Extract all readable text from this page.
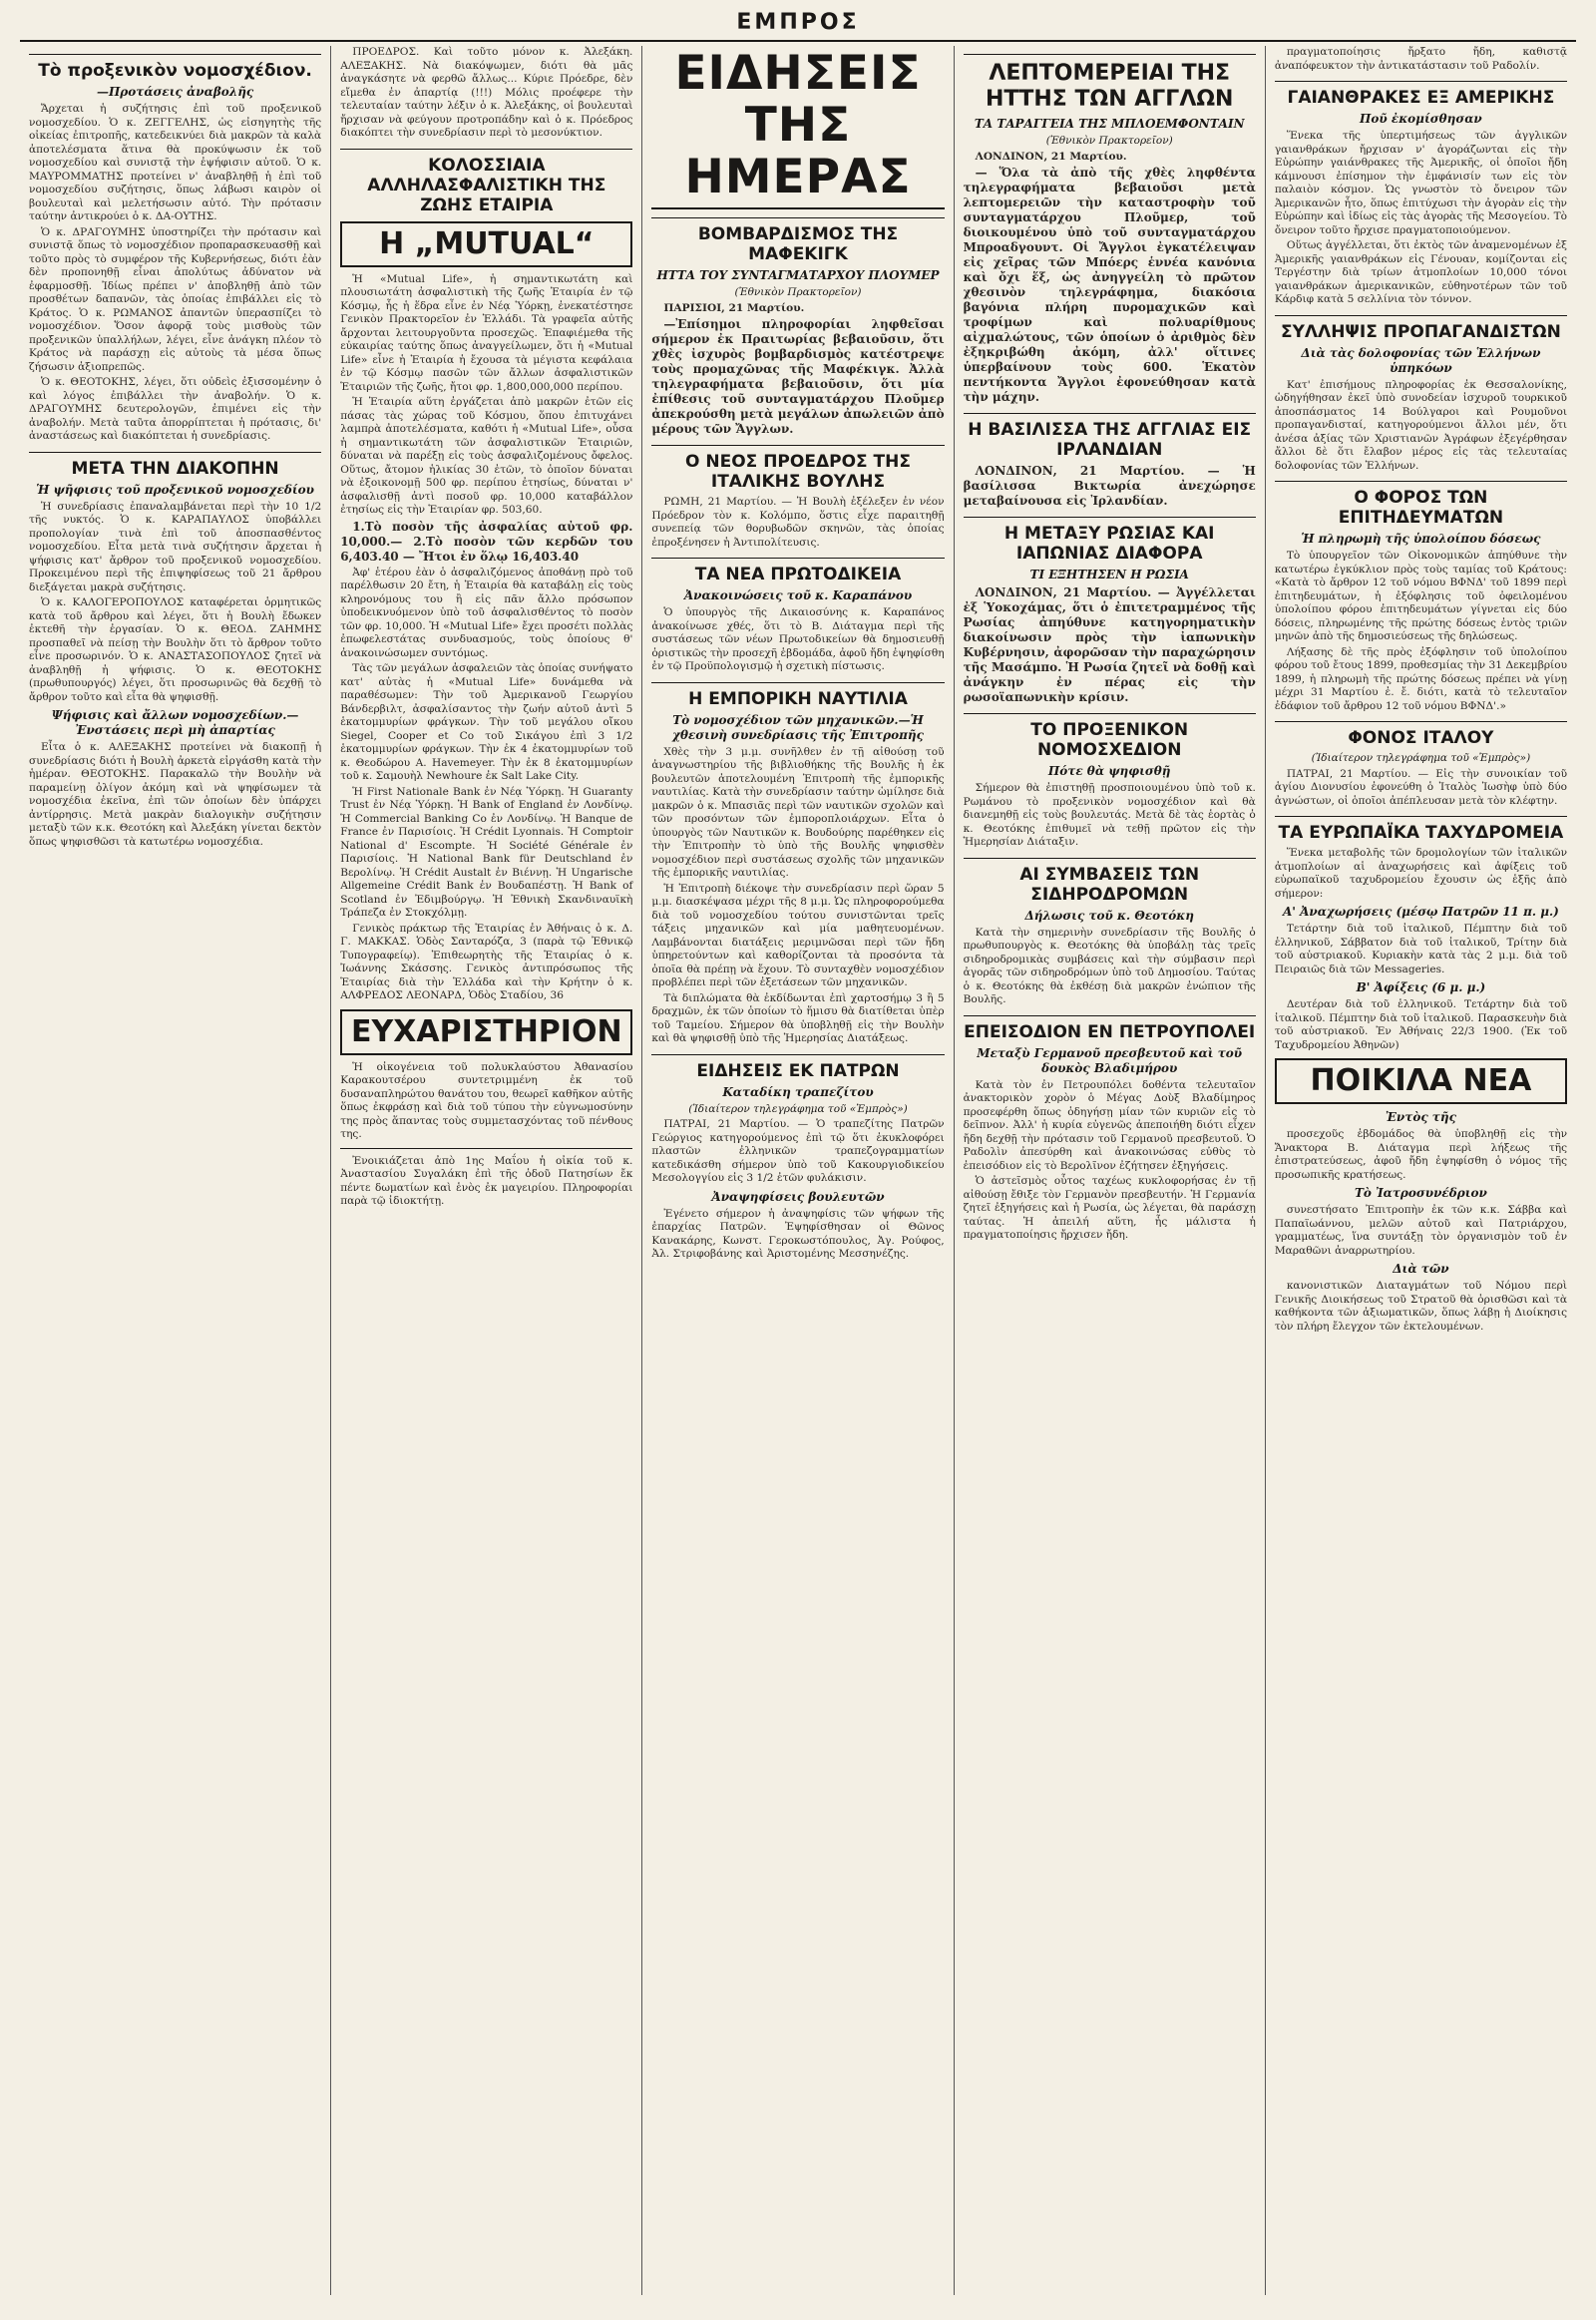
ΕΜΠΡΟΣ
Τὸ προξενικὸν νομοσχέδιον.
—Προτάσεις ἀναβολῆς

Ἄρχεται ἡ συζήτησις ἐπὶ τοῦ προξενικοῦ νομοσχεδίου. Ὁ κ. ΖΕΓΓΕΛΗΣ, ὡς εἰσηγητὴς τῆς οἰκείας ἐπιτροπῆς, κατεδεικνύει διὰ μακρῶν τὰ καλὰ ἀποτελέσματα ἅτινα θὰ προκύψωσιν ἐκ τοῦ νομοσχεδίου καὶ συνιστᾷ τὴν ἐψήφισιν αὐτοῦ. Ὁ κ. ΜΑΥΡΟΜΜΑΤΗΣ προτείνει ν' ἀναβληθῇ ἡ ἐπὶ τοῦ νομοσχεδίου συζήτησις, ὅπως λάβωσι καιρὸν οἱ βουλευταὶ καὶ μελετήσωσιν αὐτό. Τὴν πρότασιν ταύτην ἀντικρούει ὁ κ. ΔΑ-ΟΥΤΗΣ.

Ὁ κ. ΔΡΑΓΟΥΜΗΣ ὑποστηρίζει τὴν πρότασιν καὶ συνιστᾷ ὅπως τὸ νομοσχέδιον προπαρασκευασθῇ καὶ τοῦτο πρὸς τὸ συμφέρον τῆς Κυβερνήσεως, διότι ἐὰν δὲν προπονηθῇ εἶναι ἀπολύτως ἀδύνατον νὰ ἐφαρμοσθῇ. Ἰδίως πρέπει ν' ἀποβληθῇ ἀπὸ τῶν προσθέτων δαπανῶν, τὰς ὁποίας ἐπιβάλλει εἰς τὸ Κράτος. Ὁ κ. ΡΩΜΑΝΟΣ ἀπαντῶν ὑπερασπίζει τὸ νομοσχέδιον. Ὅσον ἀφορᾷ τοὺς μισθοὺς τῶν προξενικῶν ὑπαλλήλων, λέγει, εἶνε ἀνάγκη πλέον τὸ Κράτος νὰ παράσχῃ εἰς αὐτοὺς τὰ μέσα ὅπως ζήσωσιν ἀξιοπρεπῶς.

Ὁ κ. ΘΕΟΤΟΚΗΣ, λέγει, ὅτι οὐδεὶς ἐξισσομένην ὁ καὶ λόγος ἐπιβάλλει τὴν ἀναβολήν. Ὁ κ. ΔΡΑΓΟΥΜΗΣ δευτερολογῶν, ἐπιμένει εἰς τὴν ἀναβολήν. Μετὰ ταῦτα ἀπορρίπτεται ἡ πρότασις, δι' ἀναστάσεως καὶ διακόπτεται ἡ συνεδρίασις.

ΜΕΤΑ ΤΗΝ ΔΙΑΚΟΠΗΝ
Ἡ ψῆφισις τοῦ προξενικοῦ νομοσχεδίου

Ἡ συνεδρίασις ἐπαναλαμβάνεται περὶ τὴν 10 1/2 τῆς νυκτός. Ὁ κ. ΚΑΡΑΠΑΥΛΟΣ ὑποβάλλει προπολογίαν τινὰ ἐπὶ τοῦ ἀποσπασθέντος νομοσχεδίου. Εἶτα μετὰ τινὰ συζήτησιν ἄρχεται ἡ ψήφισις κατ' ἄρθρον τοῦ προξενικοῦ νομοσχεδίου. Προκειμένου περὶ τῆς ἐπιψηφίσεως τοῦ 21 ἄρθρου διεξάγεται μακρὰ συζήτησις.

Ὁ κ. ΚΑΛΟΓΕΡΟΠΟΥΛΟΣ καταφέρεται ὁρμητικῶς κατὰ τοῦ ἄρθρου καὶ λέγει, ὅτι ἡ Βουλὴ ἔδωκεν ἐκτεθῆ τὴν ἐργασίαν. Ὁ κ. ΘΕΟΔ. ΖΑΗΜΗΣ προσπαθεῖ νὰ πείσῃ τὴν Βουλὴν ὅτι τὸ ἄρθρον τοῦτο εἶνε προσωρινόν. Ὁ κ. ΑΝΑΣΤΑΣΟΠΟΥΛΟΣ ζητεῖ νὰ ἀναβληθῇ ἡ ψήφισις. Ὁ κ. ΘΕΟΤΟΚΗΣ (πρωθυπουργός) λέγει, ὅτι προσωρινῶς θὰ δεχθῇ τὸ ἄρθρον τοῦτο καὶ εἶτα θὰ ψηφισθῇ.

Ψήφισις καὶ ἄλλων νομοσχεδίων.—Ἐνστάσεις περὶ μὴ ἀπαρτίας

Εἶτα ὁ κ. ΑΛΕΞΑΚΗΣ προτείνει νὰ διακοπῇ ἡ συνεδρίασις διότι ἡ Βουλὴ ἀρκετὰ εἰργάσθη κατὰ τὴν ἡμέραν. ΘΕΟΤΟΚΗΣ. Παρακαλῶ τὴν Βουλὴν νὰ παραμείνῃ ὀλίγον ἀκόμη καὶ νὰ ψηφίσωμεν τὰ νομοσχέδια ἐκεῖνα, ἐπὶ τῶν ὁποίων δὲν ὑπάρχει ἀντίρρησις. Μετὰ μακρὰν διαλογικὴν συζήτησιν μεταξὺ τῶν κ.κ. Θεοτόκη καὶ Ἀλεξάκη γίνεται δεκτὸν ὅπως ψηφισθῶσι τὰ κατωτέρω νομοσχέδια.

ΠΡΟΕΔΡΟΣ. Καὶ τοῦτο μόνον κ. Ἀλεξάκη. ΑΛΕΞΑΚΗΣ. Νὰ διακόψωμεν, διότι θὰ μᾶς ἀναγκάσητε νὰ φερθῶ ἄλλως... Κύριε Πρόεδρε, δὲν εἴμεθα ἐν ἀπαρτίᾳ (!!!) Μόλις προέφερε τὴν τελευταίαν ταύτην λέξιν ὁ κ. Ἀλεξάκης, οἱ βουλευταὶ ἤρχισαν νὰ φεύγουν προτροπάδην καὶ ὁ κ. Πρόεδρος διακόπτει τὴν συνεδρίασιν περὶ τὸ μεσονύκτιον.

ΚΟΛΟΣΣΙΑΙΑ ΑΛΛΗΛΑΣΦΑΛΙΣΤΙΚΗ ΤΗΣ ΖΩΗΣ ΕΤΑΙΡΙΑ
Η „MUTUAL“

Ἡ «Mutual Life», ἡ σημαντικωτάτη καὶ πλουσιωτάτη ἀσφαλιστικὴ τῆς ζωῆς Ἑταιρία ἐν τῷ Κόσμῳ, ἧς ἡ ἕδρα εἶνε ἐν Νέᾳ Ὑόρκῃ, ἐνεκατέστησε Γενικὸν Πρακτορεῖον ἐν Ἑλλάδι. Τὰ γραφεῖα αὐτῆς ἄρχονται λειτουργοῦντα προσεχῶς. Ἐπαφιέμεθα τῆς εὐκαιρίας ταύτης ὅπως ἀναγγείλωμεν, ὅτι ἡ «Mutual Life» εἶνε ἡ Ἑταιρία ἡ ἔχουσα τὰ μέγιστα κεφάλαια ἐν τῷ Κόσμῳ πασῶν τῶν ἄλλων ἀσφαλιστικῶν Ἑταιριῶν τῆς ζωῆς, ἤτοι φρ. 1,800,000,000 περίπου.

Ἡ Ἑταιρία αὕτη ἐργάζεται ἀπὸ μακρῶν ἐτῶν εἰς πάσας τὰς χώρας τοῦ Κόσμου, ὅπου ἐπιτυχάνει λαμπρὰ ἀποτελέσματα, καθότι ἡ «Mutual Life», οὖσα ἡ σημαντικωτάτη τῶν ἀσφαλιστικῶν Ἑταιριῶν, δύναται νὰ παρέξῃ εἰς τοὺς ἀσφαλιζομένους ὄφελος. Οὕτως, ἄτομον ἡλικίας 30 ἐτῶν, τὸ ὁποῖον δύναται νὰ ἐξοικονομῇ 500 φρ. περίπου ἐτησίως, δύναται ν' ἀσφαλισθῇ ἀντὶ ποσοῦ φρ. 10,000 καταβάλλον ἐτησίως εἰς τὴν Ἑταιρίαν φρ. 503,60.

1.Τὸ ποσὸν τῆς ἀσφαλίας αὐτοῦ φρ. 10,000.— 2.Τὸ ποσὸν τῶν κερδῶν του 6,403.40 — Ἤτοι ἐν ὅλῳ 16,403.40

Ἀφ' ἑτέρου ἐὰν ὁ ἀσφαλιζόμενος ἀποθάνῃ πρὸ τοῦ παρέλθωσιν 20 ἔτη, ἡ Ἑταιρία θὰ καταβάλῃ εἰς τοὺς κληρονόμους του ἢ εἰς πᾶν ἄλλο πρόσωπον ὑποδεικνυόμενον ὑπὸ τοῦ ἀσφαλισθέντος τὸ ποσὸν τῶν φρ. 10,000. Ἡ «Mutual Life» ἔχει προσέτι πολλὰς ἐπωφελεστάτας συνδυασμούς, τοὺς ὁποίους θ' ἀνακοινώσωμεν συντόμως.

Τὰς τῶν μεγάλων ἀσφαλειῶν τὰς ὁποίας συνήψατο κατ' αὐτὰς ἡ «Mutual Life» δυνάμεθα νὰ παραθέσωμεν: Τὴν τοῦ Ἀμερικανοῦ Γεωργίου Βάνδερβιλτ, ἀσφαλίσαντος τὴν ζωήν αὐτοῦ ἀντὶ 5 ἑκατομμυρίων φράγκων. Τὴν τοῦ μεγάλου οἴκου Siegel, Cooper et Co τοῦ Σικάγου ἐπὶ 3 1/2 ἑκατομμυρίων φράγκων. Τὴν ἐκ 4 ἑκατομμυρίων τοῦ κ. Θεοδώρου A. Havemeyer. Τὴν ἐκ 8 ἑκατομμυρίων τοῦ κ. Σαμουὴλ Newhoure ἐκ Salt Lake City.

Ἡ First Nationale Bank ἐν Νέᾳ Ὑόρκῃ. Ἡ Guaranty Trust ἐν Νέᾳ Ὑόρκῃ. Ἡ Bank of England ἐν Λονδίνῳ. Ἡ Commercial Banking Co ἐν Λονδίνῳ. Ἡ Banque de France ἐν Παρισίοις. Ἡ Crédit Lyonnais. Ἡ Comptoir National d' Escompte. Ἡ Société Générale ἐν Παρισίοις. Ἡ National Bank für Deutschland ἐν Βερολίνῳ. Ἡ Crédit Austalt ἐν Βιέννῃ. Ἡ Ungarische Allgemeine Crédit Bank ἐν Βουδαπέστῃ. Ἡ Bank of Scotland ἐν Ἐδιμβούργῳ. Ἡ Ἐθνικὴ Σκανδιναυϊκὴ Τράπεζα ἐν Στοκχόλμῃ.

Γενικὸς πράκτωρ τῆς Ἑταιρίας ἐν Ἀθήναις ὁ κ. Δ. Γ. ΜΑΚΚΑΣ. Ὁδὸς Σανταρόζα, 3 (παρὰ τῷ Ἐθνικῷ Τυπογραφείῳ). Ἐπιθεωρητὴς τῆς Ἑταιρίας ὁ κ. Ἰωάννης Σκάσσης. Γενικὸς ἀντιπρόσωπος τῆς Ἑταιρίας διὰ τὴν Ἑλλάδα καὶ τὴν Κρήτην ὁ κ. ΑΛΦΡΕΔΟΣ ΛΕΟΝΑΡΔ, Ὁδὸς Σταδίου, 36

ΕΥΧΑΡΙΣΤΗΡΙΟΝ

Ἡ οἰκογένεια τοῦ πολυκλαύστου Ἀθανασίου Καρακουτσέρου συντετριμμένη ἐκ τοῦ δυσαναπληρώτου θανάτου του, θεωρεῖ καθῆκον αὐτῆς ὅπως ἐκφράσῃ καὶ διὰ τοῦ τύπου τὴν εὐγνωμοσύνην της πρὸς ἅπαντας τοὺς συμμετασχόντας τοῦ πένθους της.

Ἐνοικιάζεται ἀπὸ 1ης Μαΐου ἡ οἰκία τοῦ κ. Ἀναστασίου Συγαλάκη ἐπὶ τῆς ὁδοῦ Πατησίων ἔκ πέντε δωματίων καὶ ἑνὸς ἐκ μαγειρίου. Πληροφορίαι παρὰ τῷ ἰδιοκτήτῃ.

ΕΙΔΗΣΕΙΣ ΤΗΣ ΗΜΕΡΑΣ
ΒΟΜΒΑΡΔΙΣΜΟΣ ΤΗΣ ΜΑΦΕΚΙΓΚ
ΗΤΤΑ ΤΟΥ ΣΥΝΤΑΓΜΑΤΑΡΧΟΥ ΠΛΟΥΜΕΡ
(Ἐθνικὸν Πρακτορεῖον)

ΠΑΡΙΣΙΟΙ, 21 Μαρτίου.

—Ἐπίσημοι πληροφορίαι ληφθεῖσαι σήμερον ἐκ Πραιτωρίας βεβαιοῦσιν, ὅτι χθὲς ἰσχυρὸς βομβαρδισμὸς κατέστρεψε τοὺς προμαχῶνας τῆς Μαφέκιγκ. Ἀλλὰ τηλεγραφήματα βεβαιοῦσιν, ὅτι μία ἐπίθεσις τοῦ συνταγματάρχου Πλοῦμερ ἀπεκρούσθη μετὰ μεγάλων ἀπωλειῶν ἀπὸ μέρους τῶν Ἄγγλων.

Ο ΝΕΟΣ ΠΡΟΕΔΡΟΣ ΤΗΣ ΙΤΑΛΙΚΗΣ ΒΟΥΛΗΣ

ΡΩΜΗ, 21 Μαρτίου. — Ἡ Βουλὴ ἐξέλεξεν ἐν νέον Πρόεδρον τὸν κ. Κολόμπο, ὅστις εἶχε παραιτηθῇ συνεπείᾳ τῶν θορυβωδῶν σκηνῶν, τὰς ὁποίας ἐπροξένησεν ἡ Ἀντιπολίτευσις.

ΤΑ ΝΕΑ ΠΡΩΤΟΔΙΚΕΙΑ
Ἀνακοινώσεις τοῦ κ. Καραπάνου

Ὁ ὑπουργὸς τῆς Δικαιοσύνης κ. Καραπάνος ἀνακοίνωσε χθές, ὅτι τὸ Β. Διάταγμα περὶ τῆς συστάσεως τῶν νέων Πρωτοδικείων θὰ δημοσιευθῇ ὁριστικῶς τὴν προσεχῆ ἑβδομάδα, ἀφοῦ ἤδη ἐψηφίσθη ἐν τῷ Προϋπολογισμῷ ἡ σχετικὴ πίστωσις.

Η ΕΜΠΟΡΙΚΗ ΝΑΥΤΙΛΙΑ
Τὸ νομοσχέδιον τῶν μηχανικῶν.—Ἡ χθεσινὴ συνεδρίασις τῆς Ἐπιτροπῆς

Χθὲς τὴν 3 μ.μ. συνῆλθεν ἐν τῇ αἰθούσῃ τοῦ ἀναγνωστηρίου τῆς βιβλιοθήκης τῆς Βουλῆς ἡ ἐκ βουλευτῶν ἀποτελουμένη Ἐπιτροπὴ τῆς ἐμπορικῆς ναυτιλίας. Κατὰ τὴν συνεδρίασιν ταύτην ὡμίλησε διὰ μακρῶν ὁ κ. Μπασιᾶς περὶ τῶν ναυτικῶν σχολῶν καὶ τῶν προσόντων τῶν ἐμποροπλοιάρχων. Εἶτα ὁ ὑπουργὸς τῶν Ναυτικῶν κ. Βουδούρης παρέθηκεν εἰς τὴν Ἐπιτροπὴν τὸ ὑπὸ τῆς Βουλῆς ψηφισθὲν νομοσχέδιον περὶ συστάσεως σχολῆς τῶν μηχανικῶν τῆς ἐμπορικῆς ναυτιλίας.

Ἡ Ἐπιτροπὴ διέκοψε τὴν συνεδρίασιν περὶ ὥραν 5 μ.μ. διασκέψασα μέχρι τῆς 8 μ.μ. Ὡς πληροφορούμεθα διὰ τοῦ νομοσχεδίου τούτου συνιστῶνται τρεῖς τάξεις μηχανικῶν καὶ μία μαθητευομένων. Λαμβάνονται διατάξεις μεριμνῶσαι περὶ τῶν ἤδη ὑπηρετούντων καὶ καθορίζονται τὰ προσόντα τὰ ὁποῖα θὰ πρέπῃ νὰ ἔχουν. Τὸ συνταχθὲν νομοσχέδιον προβλέπει περὶ τῶν ἐξετάσεων τῶν μηχανικῶν.

Τὰ διπλώματα θὰ ἐκδίδωνται ἐπὶ χαρτοσήμῳ 3 ἢ 5 δραχμῶν, ἐκ τῶν ὁποίων τὸ ἥμισυ θὰ διατίθεται ὑπὲρ τοῦ Ταμείου. Σήμερον θὰ ὑποβληθῇ εἰς τὴν Βουλὴν καὶ θὰ ψηφισθῇ ὑπὸ τῆς Ἡμερησίας Διατάξεως.

ΕΙΔΗΣΕΙΣ ΕΚ ΠΑΤΡΩΝ
Καταδίκη τραπεζίτου
(Ἰδιαίτερον τηλεγράφημα τοῦ «Ἐμπρὸς»)

ΠΑΤΡΑΙ, 21 Μαρτίου. — Ὁ τραπεζίτης Πατρῶν Γεώργιος κατηγορούμενος ἐπὶ τῷ ὅτι ἐκυκλοφόρει πλαστῶν ἐλληνικῶν τραπεζογραμματίων κατεδικάσθη σήμερον ὑπὸ τοῦ Κακουργιοδικείου Μεσολογγίου εἰς 3 1/2 ἐτῶν φυλάκισιν.

Ἀναψηφίσεις βουλευτῶν

Ἐγένετο σήμερον ἡ ἀναψηφίσις τῶν ψήφων τῆς ἐπαρχίας Πατρῶν. Ἐψηφίσθησαν οἱ Θῶνος Κανακάρης, Κωνστ. Γεροκωστόπουλος, Ἀγ. Ρούφος, Ἀλ. Στριφοβάνης καὶ Ἀριστομένης Μεσσηνέζης.

ΛΕΠΤΟΜΕΡΕΙΑΙ ΤΗΣ ΗΤΤΗΣ ΤΩΝ ΑΓΓΛΩΝ
ΤΑ ΤΑΡΑΓΓΕΙΑ ΤΗΣ ΜΠΛΟΕΜΦΟΝΤΑΙΝ
(Ἐθνικὸν Πρακτορεῖον)

ΛΟΝΔΙΝΟΝ, 21 Μαρτίου.

— Ὅλα τὰ ἀπὸ τῆς χθὲς ληφθέντα τηλεγραφήματα βεβαιοῦσι μετὰ λεπτομερειῶν τὴν καταστροφὴν τοῦ συνταγματάρχου Πλοῦμερ, τοῦ διοικουμένου ὑπὸ τοῦ συνταγματάρχου Μπροαδγουντ. Οἱ Ἄγγλοι ἐγκατέλειψαν εἰς χεῖρας τῶν Μπόερς ἑννέα κανόνια καὶ ὄχι ἕξ, ὡς ἀνηγγείλη τὸ πρῶτον χθεσινὸν τηλεγράφημα, διακόσια βαγόνια πλήρη πυρομαχικῶν καὶ τροφίμων καὶ πολυαρίθμους αἰχμαλώτους, τῶν ὁποίων ὁ ἀριθμὸς δὲν ἐξηκριβώθη ἀκόμη, ἀλλ' οἵτινες ὑπερβαίνουν τοὺς 600. Ἑκατὸν πεντήκοντα Ἄγγλοι ἐφονεύθησαν κατὰ τὴν μάχην.

Η ΒΑΣΙΛΙΣΣΑ ΤΗΣ ΑΓΓΛΙΑΣ ΕΙΣ ΙΡΛΑΝΔΙΑΝ

ΛΟΝΔΙΝΟΝ, 21 Μαρτίου. — Ἡ βασίλισσα Βικτωρία ἀνεχώρησε μεταβαίνουσα εἰς Ἰρλανδίαν.

Η ΜΕΤΑΞΥ ΡΩΣΙΑΣ ΚΑΙ ΙΑΠΩΝΙΑΣ ΔΙΑΦΟΡΑ
ΤΙ ΕΞΗΤΗΣΕΝ Η ΡΩΣΙΑ

ΛΟΝΔΙΝΟΝ, 21 Μαρτίου. — Ἀγγέλλεται ἐξ Ὑοκοχάμας, ὅτι ὁ ἐπιτετραμμένος τῆς Ρωσίας ἀπηύθυνε κατηγορηματικὴν διακοίνωσιν πρὸς τὴν ἰαπωνικὴν Κυβέρνησιν, ἀφορῶσαν τὴν παραχώρησιν τῆς Μασάμπο. Ἡ Ρωσία ζητεῖ νὰ δοθῇ καὶ ἀνάγκην ἐν πέρας εἰς τὴν ρωσοϊαπωνικὴν κρίσιν.

ΤΟ ΠΡΟΞΕΝΙΚΟΝ ΝΟΜΟΣΧΕΔΙΟΝ
Πότε θὰ ψηφισθῇ

Σήμερον θὰ ἐπιστηθῇ προσποιουμένου ὑπὸ τοῦ κ. Ρωμάνου τὸ προξενικὸν νομοσχέδιον καὶ θὰ διανεμηθῇ εἰς τοὺς βουλευτάς. Μετὰ δὲ τὰς ἑορτὰς ὁ κ. Θεοτόκης ἐπιθυμεῖ νὰ τεθῇ πρῶτον εἰς τὴν Ἡμερησίαν Διάταξιν.

ΑΙ ΣΥΜΒΑΣΕΙΣ ΤΩΝ ΣΙΔΗΡΟΔΡΟΜΩΝ
Δήλωσις τοῦ κ. Θεοτόκη

Κατὰ τὴν σημερινὴν συνεδρίασιν τῆς Βουλῆς ὁ πρωθυπουργὸς κ. Θεοτόκης θὰ ὑποβάλῃ τὰς τρεῖς σιδηροδρομικὰς συμβάσεις καὶ τὴν σύμβασιν περὶ ἀγορᾶς τῶν σιδηροδρόμων ὑπὸ τοῦ Δημοσίου. Ταύτας ὁ κ. Θεοτόκης θὰ ἐκθέσῃ διὰ μακρῶν ἐνώπιον τῆς Βουλῆς.

ΕΠΕΙΣΟΔΙΟΝ ΕΝ ΠΕΤΡΟΥΠΟΛΕΙ
Μεταξὺ Γερμανοῦ πρεσβευτοῦ καὶ τοῦ δουκὸς Βλαδιμήρου

Κατὰ τὸν ἐν Πετρουπόλει δοθέντα τελευταῖον ἀνακτορικὸν χορὸν ὁ Μέγας Δοὺξ Βλαδίμηρος προσεφέρθη ὅπως ὁδηγήσῃ μίαν τῶν κυριῶν εἰς τὸ δεῖπνον. Ἀλλ' ἡ κυρία εὐγενῶς ἀπεποιήθη διότι εἶχεν ἤδη δεχθῇ τὴν πρότασιν τοῦ Γερμανοῦ πρεσβευτοῦ. Ὁ Ραδολὶν ἀπεσύρθη καὶ ἀνακοινώσας εὐθὺς τὸ ἐπεισόδιον εἰς τὸ Βερολῖνον ἐζήτησεν ἐξηγήσεις.

Ὁ ἀστεῖσμὸς οὗτος ταχέως κυκλοφορήσας ἐν τῇ αἰθούσῃ ἔθιξε τὸν Γερμανὸν πρεσβευτήν. Ἡ Γερμανία ζητεῖ ἐξηγήσεις καὶ ἡ Ρωσία, ὡς λέγεται, θὰ παράσχῃ ταύτας. Ἡ ἀπειλή αὕτη, ἧς μάλιστα ἡ πραγματοποίησις ἤρχισεν ἤδη.

πραγματοποίησις ἤρξατο ἤδη, καθιστᾷ ἀναπόφευκτον τὴν ἀντικατάστασιν τοῦ Ραδολίν.

ΓΑΙΑΝΘΡΑΚΕΣ ΕΞ ΑΜΕΡΙΚΗΣ
Ποῦ ἐκομίσθησαν

Ἕνεκα τῆς ὑπερτιμήσεως τῶν ἀγγλικῶν γαιανθράκων ἤρχισαν ν' ἀγοράζωνται εἰς τὴν Εὐρώπην γαιάνθρακες τῆς Ἀμερικῆς, οἱ ὁποῖοι ἤδη κάμνουσι ἐπίσημον τὴν ἐμφάνισίν των εἰς τὸν παλαιὸν κόσμον. Ὡς γνωστὸν τὸ ὄνειρον τῶν Ἀμερικανῶν ἦτο, ὅπως ἐπιτύχωσι τὴν ἀγορὰν εἰς τὴν Εὐρώπην καὶ ἰδίως εἰς τὰς ἀγορὰς τῆς Μεσογείου. Τὸ ὄνειρον τοῦτο ἤρχισε πραγματοποιούμενον.

Οὕτως ἀγγέλλεται, ὅτι ἐκτὸς τῶν ἀναμενομένων ἐξ Ἀμερικῆς γαιανθράκων εἰς Γένουαν, κομίζονται εἰς Τεργέστην διὰ τρίων ἀτμοπλοίων 10,000 τόνοι γαιανθράκων ἀμερικανικῶν, εὐθηνοτέρων τῶν τοῦ Κάρδιφ κατὰ 5 σελλίνια τὸν τόννον.

ΣΥΛΛΗΨΙΣ ΠΡΟΠΑΓΑΝΔΙΣΤΩΝ
Διὰ τὰς δολοφονίας τῶν Ἑλλήνων ὑπηκόων

Κατ' ἐπισήμους πληροφορίας ἐκ Θεσσαλονίκης, ὡδηγήθησαν ἐκεῖ ὑπὸ συνοδείαν ἰσχυροῦ τουρκικοῦ ἀποσπάσματος 14 Βούλγαροι καὶ Ρουμοῦνοι προπαγανδισταί, κατηγορούμενοι ἄλλοι μέν, ὅτι ἀνέσα ἀξίας τῶν Χριστιανῶν Ἀγράφων ἐξεγέρθησαν ἄλλοι δὲ ὅτι ἔλαβον μέρος εἰς τὰς τελευταίας δολοφονίας τῶν Ἑλλήνων.

Ο ΦΟΡΟΣ ΤΩΝ ΕΠΙΤΗΔΕΥΜΑΤΩΝ
Ἡ πληρωμὴ τῆς ὑπολοίπου δόσεως

Τὸ ὑπουργεῖον τῶν Οἰκονομικῶν ἀπηύθυνε τὴν κατωτέρω ἐγκύκλιον πρὸς τοὺς ταμίας τοῦ Κράτους: «Κατὰ τὸ ἄρθρον 12 τοῦ νόμου ΒΦΝΔ' τοῦ 1899 περὶ ἐπιτηδευμάτων, ἡ ἐξόφλησις τοῦ ὀφειλομένου ὑπολοίπου φόρου ἐπιτηδευμάτων γίγνεται εἰς δύο δόσεις, πληρωμένης τῆς πρώτης δόσεως ἐντὸς τριῶν μηνῶν ἀπὸ τῆς δημοσιεύσεως τῆς δηλώσεως.

Λήξασης δὲ τῆς πρὸς ἐξόφλησιν τοῦ ὑπολοίπου φόρου τοῦ ἔτους 1899, προθεσμίας τὴν 31 Δεκεμβρίου 1899, ἡ πληρωμὴ τῆς πρώτης δόσεως πρέπει νὰ γίνῃ μέχρι 31 Μαρτίου ἐ. ἔ. διότι, κατὰ τὸ τελευταῖον ἐδάφιον τοῦ ἄρθρου 12 τοῦ νόμου ΒΦΝΔ'.»

ΦΟΝΟΣ ΙΤΑΛΟΥ
(Ἰδιαίτερον τηλεγράφημα τοῦ «Ἐμπρὸς»)

ΠΑΤΡΑΙ, 21 Μαρτίου. — Εἰς τὴν συνοικίαν τοῦ ἁγίου Διονυσίου ἐφονεύθη ὁ Ἰταλὸς Ἰωσὴφ ὑπὸ δύο ἀγνώστων, οἱ ὁποῖοι ἀπέπλευσαν μετὰ τὸν κλέφτην.

ΤΑ ΕΥΡΩΠΑΪΚΑ ΤΑΧΥΔΡΟΜΕΙΑ

Ἕνεκα μεταβολῆς τῶν δρομολογίων τῶν ἰταλικῶν ἀτμοπλοίων αἱ ἀναχωρήσεις καὶ ἀφίξεις τοῦ εὐρωπαϊκοῦ ταχυδρομείου ἔχουσιν ὡς ἑξῆς ἀπὸ σήμερον:

Α' Ἀναχωρήσεις (μέσῳ Πατρῶν 11 π. μ.)

Τετάρτην διὰ τοῦ ἰταλικοῦ, Πέμπτην διὰ τοῦ ἑλληνικοῦ, Σάββατον διὰ τοῦ ἰταλικοῦ, Τρίτην διὰ τοῦ αὐστριακοῦ. Κυριακὴν κατὰ τὰς 2 μ.μ. διὰ τοῦ Πειραιῶς διὰ τῶν Messageries.

Β' Ἀφίξεις (6 μ. μ.)

Δευτέραν διὰ τοῦ ἑλληνικοῦ. Τετάρτην διὰ τοῦ ἰταλικοῦ. Πέμπτην διὰ τοῦ ἰταλικοῦ. Παρασκευὴν διὰ τοῦ αὐστριακοῦ. Ἐν Ἀθήναις 22/3 1900. (Ἐκ τοῦ Ταχυδρομείου Ἀθηνῶν)

ΠΟΙΚΙΛΑ ΝΕΑ
Ἐντὸς τῆς

προσεχοῦς ἑβδομάδος θὰ ὑποβληθῇ εἰς τὴν Ἄνακτορα Β. Διάταγμα περὶ λήξεως τῆς ἐπιστρατεύσεως, ἀφοῦ ἤδη ἐψηφίσθη ὁ νόμος τῆς προσωπικῆς κρατήσεως.

Τὸ Ἰατροσυνέδριον

συνεστήσατο Ἐπιτροπὴν ἐκ τῶν κ.κ. Σάββα καὶ Παπαϊωάννου, μελῶν αὐτοῦ καὶ Πατριάρχου, γραμματέως, ἵνα συντάξῃ τὸν ὀργανισμὸν τοῦ ἐν Μαραθῶνι ἀναρρωτηρίου.

Διὰ τῶν

κανονιστικῶν Διαταγμάτων τοῦ Νόμου περὶ Γενικῆς Διοικήσεως τοῦ Στρατοῦ θὰ ὁρισθῶσι καὶ τὰ καθήκοντα τῶν ἀξιωματικῶν, ὅπως λάβῃ ἡ Διοίκησις τὸν πλήρη ἔλεγχον τῶν ἐκτελουμένων.
